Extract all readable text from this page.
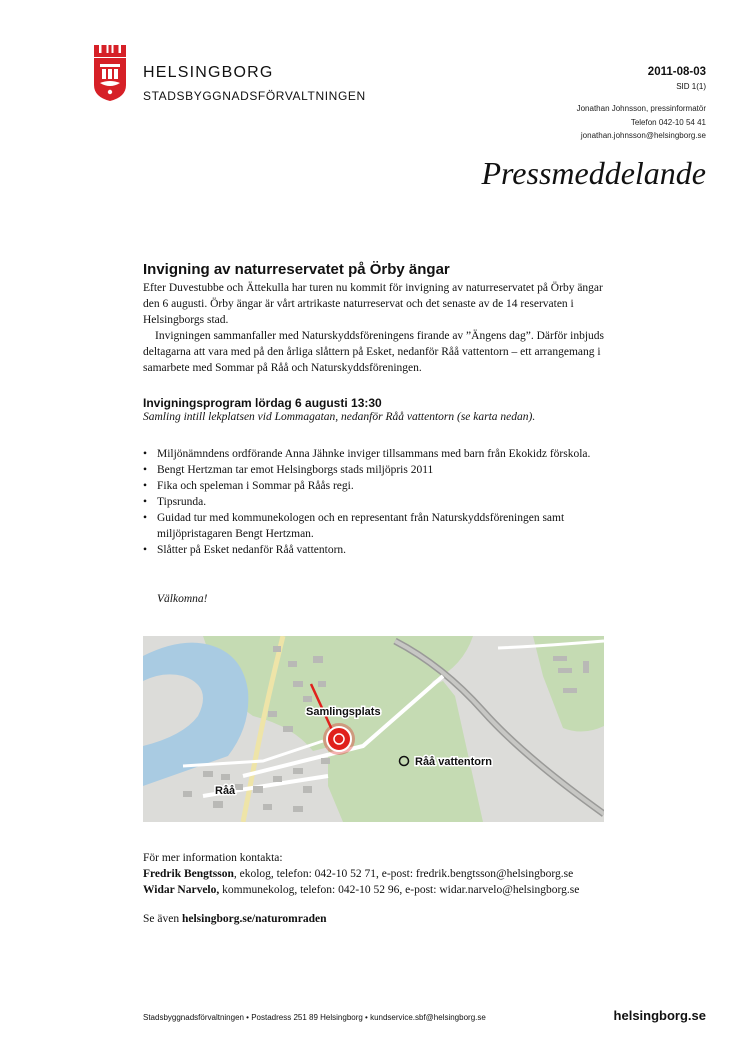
HELSINGBORG
STADSBYGGNADSFÖRVALTNINGEN
2011-08-03
SID 1(1)
Jonathan Johnsson, pressinformatör
Telefon 042-10 54 41
jonathan.johnsson@helsingborg.se
Pressmeddelande
Invigning av naturreservatet på Örby ängar

Efter Duvestubbe och Ättekulla har turen nu kommit för invigning av naturreservatet på Örby ängar den 6 augusti. Örby ängar är vårt artrikaste naturreservat och det senaste av de 14 reservaten i Helsingborgs stad.

Invigningen sammanfaller med Naturskyddsföreningens firande av ”Ängens dag”. Därför inbjuds deltagarna att vara med på den årliga slåttern på Esket, nedanför Råå vattentorn – ett arrangemang i samarbete med Sommar på Råå och Naturskyddsföreningen.

Invigningsprogram lördag 6 augusti 13:30
Samling intill lekplatsen vid Lommagatan, nedanför Råå vattentorn (se karta nedan).
• Miljönämndens ordförande Anna Jähnke inviger tillsammans med barn från Ekokidz förskola.
• Bengt Hertzman tar emot Helsingborgs stads miljöpris 2011
• Fika och speleman i Sommar på Råås regi.
• Tipsrunda.
• Guidad tur med kommunekologen och en representant från Naturskyddsföreningen samt miljöpristagaren Bengt Hertzman.
• Slåtter på Esket nedanför Råå vattentorn.
Välkomna!
Samlingsplats
Råå vattentorn
Råå

För mer information kontakta:

Fredrik Bengtsson, ekolog, telefon: 042-10 52 71, e-post: fredrik.bengtsson@helsingborg.se

Widar Narvelo, kommunekolog, telefon: 042-10 52 96, e-post: widar.narvelo@helsingborg.se

Se även helsingborg.se/naturomraden
Stadsbyggnadsförvaltningen • Postadress 251 89 Helsingborg • kundservice.sbf@helsingborg.se	helsingborg.se
